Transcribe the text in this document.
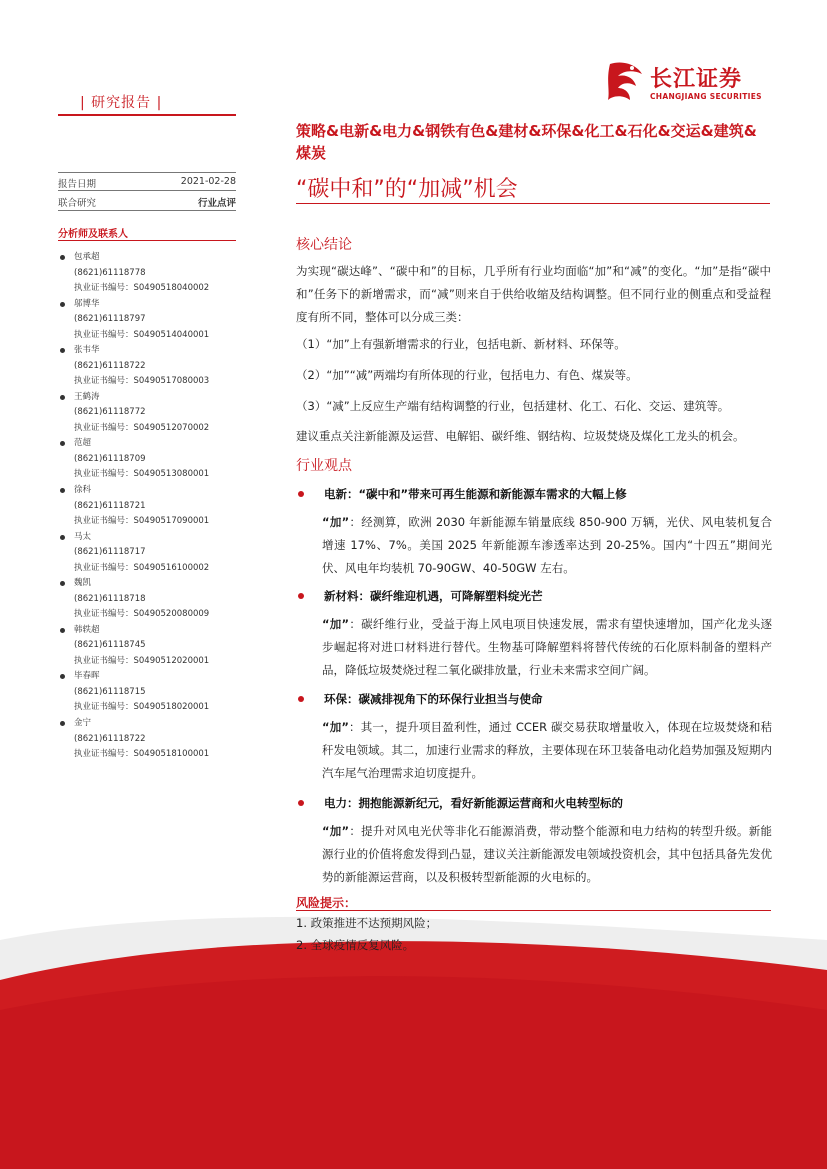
| 研究报告 |
长江证券
CHANGJIANG SECURITIES
策略&电新&电力&钢铁有色&建材&环保&化工&石化&交运&建筑&煤炭
“碳中和”的“加减”机会
报告日期	2021-02-28
联合研究	行业点评
分析师及联系人
包承超
(8621)61118778
执业证书编号：S0490518040002
邬博华
(8621)61118797
执业证书编号：S0490514040001
张韦华
(8621)61118722
执业证书编号：S0490517080003
王鹤涛
(8621)61118772
执业证书编号：S0490512070002
范超
(8621)61118709
执业证书编号：S0490513080001
徐科
(8621)61118721
执业证书编号：S0490517090001
马太
(8621)61118717
执业证书编号：S0490516100002
魏凯
(8621)61118718
执业证书编号：S0490520080009
韩轶超
(8621)61118745
执业证书编号：S0490512020001
毕春晖
(8621)61118715
执业证书编号：S0490518020001
金宁
(8621)61118722
执业证书编号：S0490518100001
核心结论
为实现“碳达峰”、“碳中和”的目标，几乎所有行业均面临“加”和“减”的变化。“加”是指“碳中和”任务下的新增需求，而“减”则来自于供给收缩及结构调整。但不同行业的侧重点和受益程度有所不同，整体可以分成三类：
（1）“加”上有强新增需求的行业，包括电新、新材料、环保等。
（2）“加”“减”两端均有所体现的行业，包括电力、有色、煤炭等。
（3）“减”上反应生产端有结构调整的行业，包括建材、化工、石化、交运、建筑等。
建议重点关注新能源及运营、电解铝、碳纤维、钢结构、垃圾焚烧及煤化工龙头的机会。
行业观点
电新：“碳中和”带来可再生能源和新能源车需求的大幅上修
“加”：经测算，欧洲 2030 年新能源车销量底线 850-900 万辆，光伏、风电装机复合增速 17%、7%。美国 2025 年新能源车渗透率达到 20-25%。国内“十四五”期间光伏、风电年均装机 70-90GW、40-50GW 左右。
新材料：碳纤维迎机遇，可降解塑料绽光芒
“加”：碳纤维行业，受益于海上风电项目快速发展，需求有望快速增加，国产化龙头逐步崛起将对进口材料进行替代。生物基可降解塑料将替代传统的石化原料制备的塑料产品，降低垃圾焚烧过程二氧化碳排放量，行业未来需求空间广阔。
环保：碳减排视角下的环保行业担当与使命
“加”：其一，提升项目盈利性，通过 CCER 碳交易获取增量收入，体现在垃圾焚烧和秸秆发电领域。其二，加速行业需求的释放，主要体现在环卫装备电动化趋势加强及短期内汽车尾气治理需求迫切度提升。
电力：拥抱能源新纪元，看好新能源运营商和火电转型标的
“加”：提升对风电光伏等非化石能源消费，带动整个能源和电力结构的转型升级。新能源行业的价值将愈发得到凸显，建议关注新能源发电领域投资机会，其中包括具备先发优势的新能源运营商，以及积极转型新能源的火电标的。
风险提示：
1. 政策推进不达预期风险；
2. 全球疫情反复风险。
